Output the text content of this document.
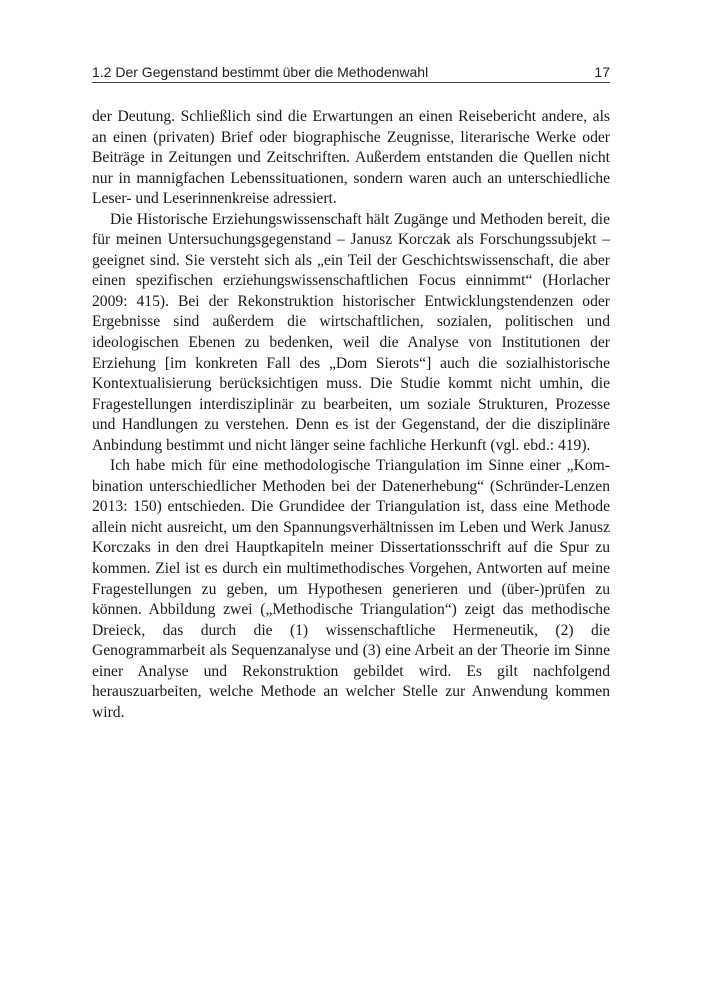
1.2 Der Gegenstand bestimmt über die Methodenwahl	17

der Deutung. Schließlich sind die Erwartungen an einen Reisebericht andere, als an einen (privaten) Brief oder biographische Zeugnisse, literarische Werke oder Beiträge in Zeitungen und Zeitschriften. Außerdem entstanden die Quellen nicht nur in mannigfachen Lebenssituationen, sondern waren auch an unterschiedliche Leser- und Leserinnenkreise adressiert.

Die Historische Erziehungswissenschaft hält Zugänge und Methoden bereit, die für meinen Untersuchungsgegenstand – Janusz Korczak als Forschungssubjekt – geeignet sind. Sie versteht sich als „ein Teil der Geschichtswissenschaft, die aber einen spezifischen erziehungswissenschaftlichen Focus einnimmt“ (Horlacher 2009: 415). Bei der Rekonstruktion historischer Entwicklungstendenzen oder Ergebnisse sind außerdem die wirtschaftlichen, sozialen, politischen und ideologischen Ebenen zu bedenken, weil die Analyse von Institutionen der Erziehung [im konkreten Fall des „Dom Sierots“] auch die sozialhistorische Kontextualisierung berücksichtigen muss. Die Studie kommt nicht umhin, die Fragestellungen interdisziplinär zu bearbeiten, um soziale Strukturen, Prozesse und Handlungen zu verstehen. Denn es ist der Gegenstand, der die disziplinäre Anbindung bestimmt und nicht länger seine fachliche Herkunft (vgl. ebd.: 419).

Ich habe mich für eine methodologische Triangulation im Sinne einer „Kombination unterschiedlicher Methoden bei der Datenerhebung“ (Schründer-Lenzen 2013: 150) entschieden. Die Grundidee der Triangulation ist, dass eine Methode allein nicht ausreicht, um den Spannungsverhältnissen im Leben und Werk Janusz Korczaks in den drei Hauptkapiteln meiner Dissertationsschrift auf die Spur zu kommen. Ziel ist es durch ein multimethodisches Vorgehen, Antworten auf meine Fragestellungen zu geben, um Hypothesen generieren und (über-)prüfen zu können. Abbildung zwei („Methodische Triangulation“) zeigt das methodische Dreieck, das durch die (1) wissenschaftliche Hermeneutik, (2) die Genogrammarbeit als Sequenzanalyse und (3) eine Arbeit an der Theorie im Sinne einer Analyse und Rekonstruktion gebildet wird. Es gilt nachfolgend herauszuarbeiten, welche Methode an welcher Stelle zur Anwendung kommen wird.
